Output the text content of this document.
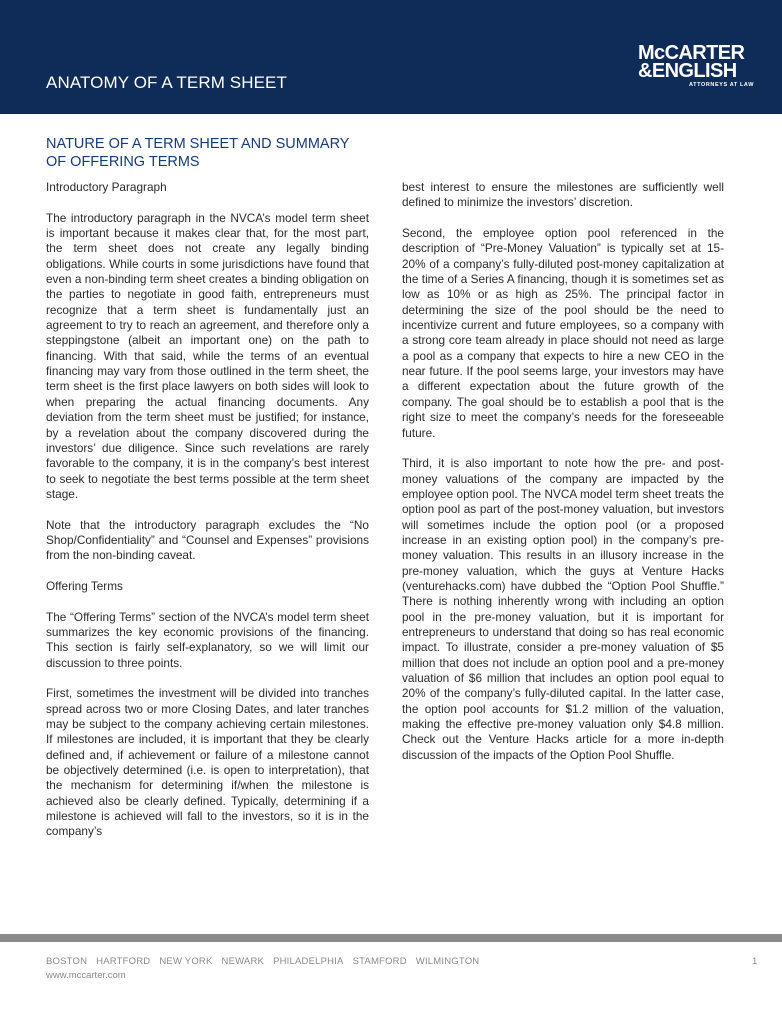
ANATOMY OF A TERM SHEET
McCARTER
&ENGLISH
ATTORNEYS AT LAW
NATURE OF A TERM SHEET AND SUMMARY
OF OFFERING TERMS
Introductory Paragraph

The introductory paragraph in the NVCA’s model term sheet is important because it makes clear that, for the most part, the term sheet does not create any legally binding obligations. While courts in some jurisdictions have found that even a non-binding term sheet creates a binding obligation on the parties to negotiate in good faith, entrepreneurs must recognize that a term sheet is fundamentally just an agreement to try to reach an agreement, and therefore only a steppingstone (albeit an important one) on the path to financing. With that said, while the terms of an eventual financing may vary from those outlined in the term sheet, the term sheet is the first place lawyers on both sides will look to when preparing the actual financing documents. Any deviation from the term sheet must be justified; for instance, by a revelation about the company discovered during the investors’ due diligence. Since such revelations are rarely favorable to the company, it is in the company’s best interest to seek to negotiate the best terms possible at the term sheet stage.

Note that the introductory paragraph excludes the “No Shop/Confidentiality” and “Counsel and Expenses” provisions from the non-binding caveat.

Offering Terms

The “Offering Terms” section of the NVCA’s model term sheet summarizes the key economic provisions of the financing. This section is fairly self-explanatory, so we will limit our discussion to three points.

First, sometimes the investment will be divided into tranches spread across two or more Closing Dates, and later tranches may be subject to the company achieving certain milestones. If milestones are included, it is important that they be clearly defined and, if achievement or failure of a milestone cannot be objectively determined (i.e. is open to interpretation), that the mechanism for determining if/when the milestone is achieved also be clearly defined. Typically, determining if a milestone is achieved will fall to the investors, so it is in the company’s

best interest to ensure the milestones are sufficiently well defined to minimize the investors’ discretion.

Second, the employee option pool referenced in the description of “Pre-Money Valuation” is typically set at 15-20% of a company’s fully-diluted post-money capitalization at the time of a Series A financing, though it is sometimes set as low as 10% or as high as 25%. The principal factor in determining the size of the pool should be the need to incentivize current and future employees, so a company with a strong core team already in place should not need as large a pool as a company that expects to hire a new CEO in the near future. If the pool seems large, your investors may have a different expectation about the future growth of the company. The goal should be to establish a pool that is the right size to meet the company’s needs for the foreseeable future.

Third, it is also important to note how the pre- and post-money valuations of the company are impacted by the employee option pool. The NVCA model term sheet treats the option pool as part of the post-money valuation, but investors will sometimes include the option pool (or a proposed increase in an existing option pool) in the company’s pre-money valuation. This results in an illusory increase in the pre-money valuation, which the guys at Venture Hacks (venturehacks.com) have dubbed the “Option Pool Shuffle.” There is nothing inherently wrong with including an option pool in the pre-money valuation, but it is important for entrepreneurs to understand that doing so has real economic impact. To illustrate, consider a pre-money valuation of $5 million that does not include an option pool and a pre-money valuation of $6 million that includes an option pool equal to 20% of the company’s fully-diluted capital. In the latter case, the option pool accounts for $1.2 million of the valuation, making the effective pre-money valuation only $4.8 million. Check out the Venture Hacks article for a more in-depth discussion of the impacts of the Option Pool Shuffle.

BOSTON HARTFORD NEW YORK NEWARK PHILADELPHIA STAMFORD WILMINGTON
www.mccarter.com
1
